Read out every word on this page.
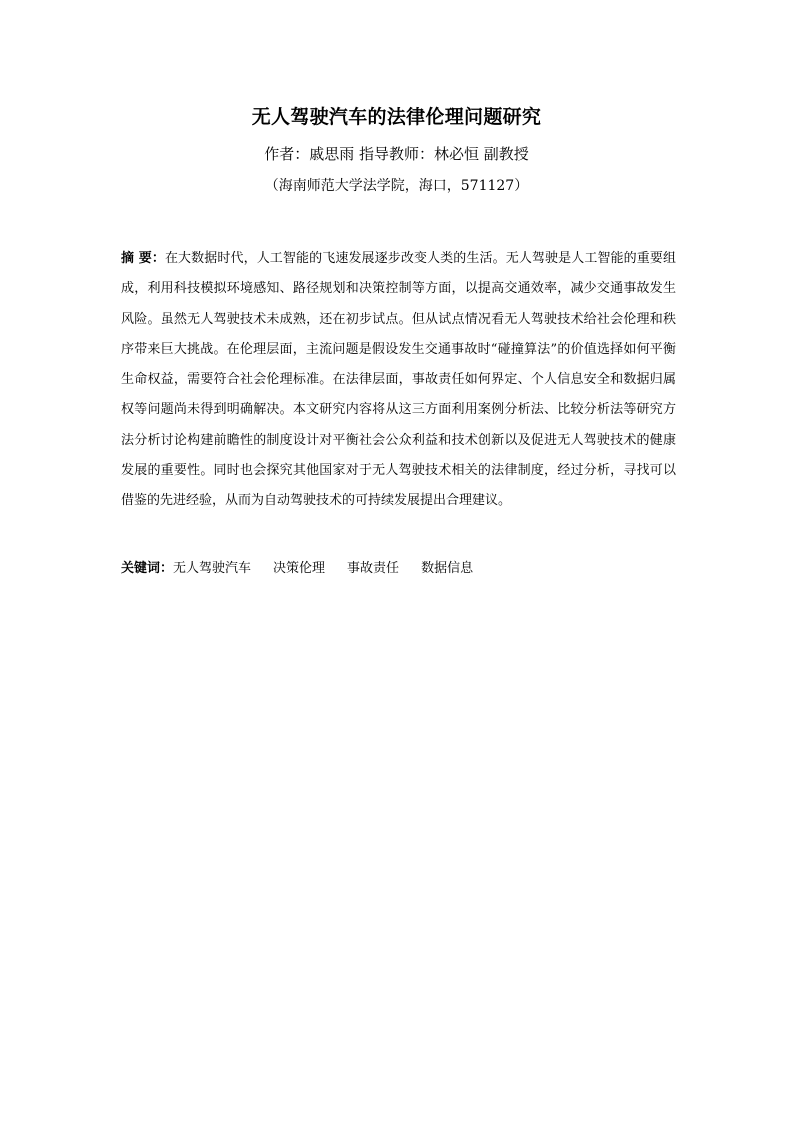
无人驾驶汽车的法律伦理问题研究
作者：戚思雨 指导教师：林必恒 副教授
（海南师范大学法学院，海口，571127）
摘 要：在大数据时代，人工智能的飞速发展逐步改变人类的生活。无人驾驶是人工智能的重要组成，利用科技模拟环境感知、路径规划和决策控制等方面，以提高交通效率，减少交通事故发生风险。虽然无人驾驶技术未成熟，还在初步试点。但从试点情况看无人驾驶技术给社会伦理和秩序带来巨大挑战。在伦理层面，主流问题是假设发生交通事故时“碰撞算法”的价值选择如何平衡生命权益，需要符合社会伦理标准。在法律层面，事故责任如何界定、个人信息安全和数据归属权等问题尚未得到明确解决。本文研究内容将从这三方面利用案例分析法、比较分析法等研究方法分析讨论构建前瞻性的制度设计对平衡社会公众利益和技术创新以及促进无人驾驶技术的健康发展的重要性。同时也会探究其他国家对于无人驾驶技术相关的法律制度，经过分析，寻找可以借鉴的先进经验，从而为自动驾驶技术的可持续发展提出合理建议。
关键词：无人驾驶汽车 决策伦理 事故责任 数据信息
